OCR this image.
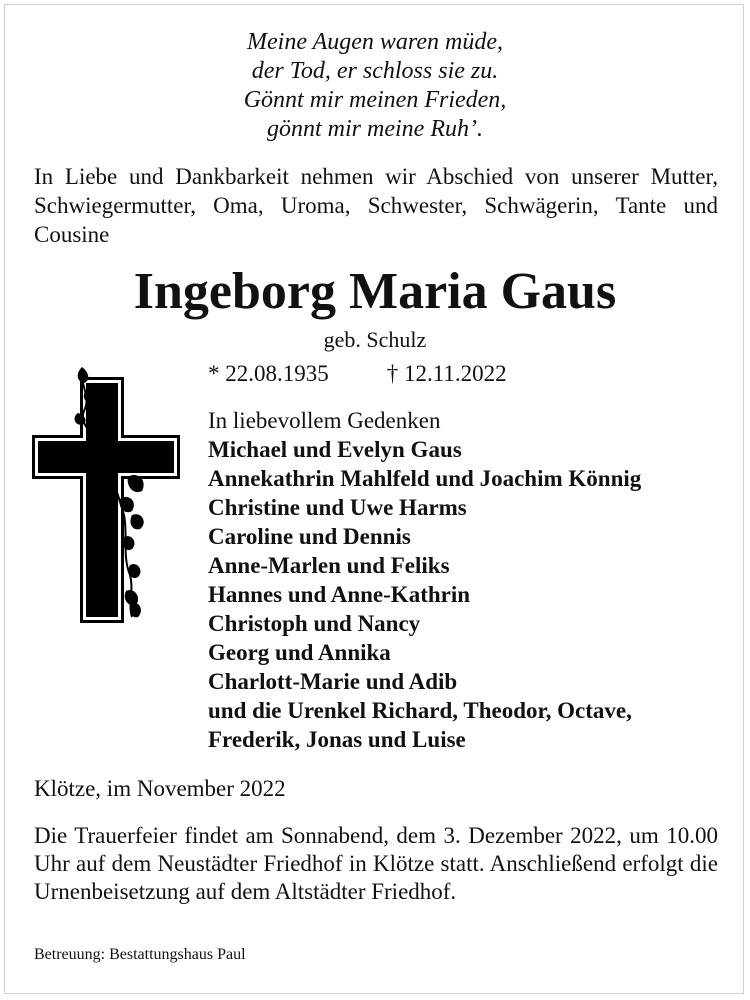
Meine Augen waren müde,
der Tod, er schloss sie zu.
Gönnt mir meinen Frieden,
gönnt mir meine Ruh’.
In Liebe und Dankbarkeit nehmen wir Abschied von unserer Mutter, Schwiegermutter, Oma, Uroma, Schwester, Schwägerin, Tante und Cousine
Ingeborg Maria Gaus
geb. Schulz
* 22.08.1935	† 12.11.2022
In liebevollem Gedenken
Michael und Evelyn Gaus
Annekathrin Mahlfeld und Joachim Könnig
Christine und Uwe Harms
Caroline und Dennis
Anne-Marlen und Feliks
Hannes und Anne-Kathrin
Christoph und Nancy
Georg und Annika
Charlott-Marie und Adib
und die Urenkel Richard, Theodor, Octave,
Frederik, Jonas und Luise
Klötze, im November 2022
Die Trauerfeier findet am Sonnabend, dem 3. Dezember 2022, um 10.00 Uhr auf dem Neustädter Friedhof in Klötze statt. Anschließend erfolgt die Urnenbeisetzung auf dem Altstädter Friedhof.
Betreuung: Bestattungshaus Paul
